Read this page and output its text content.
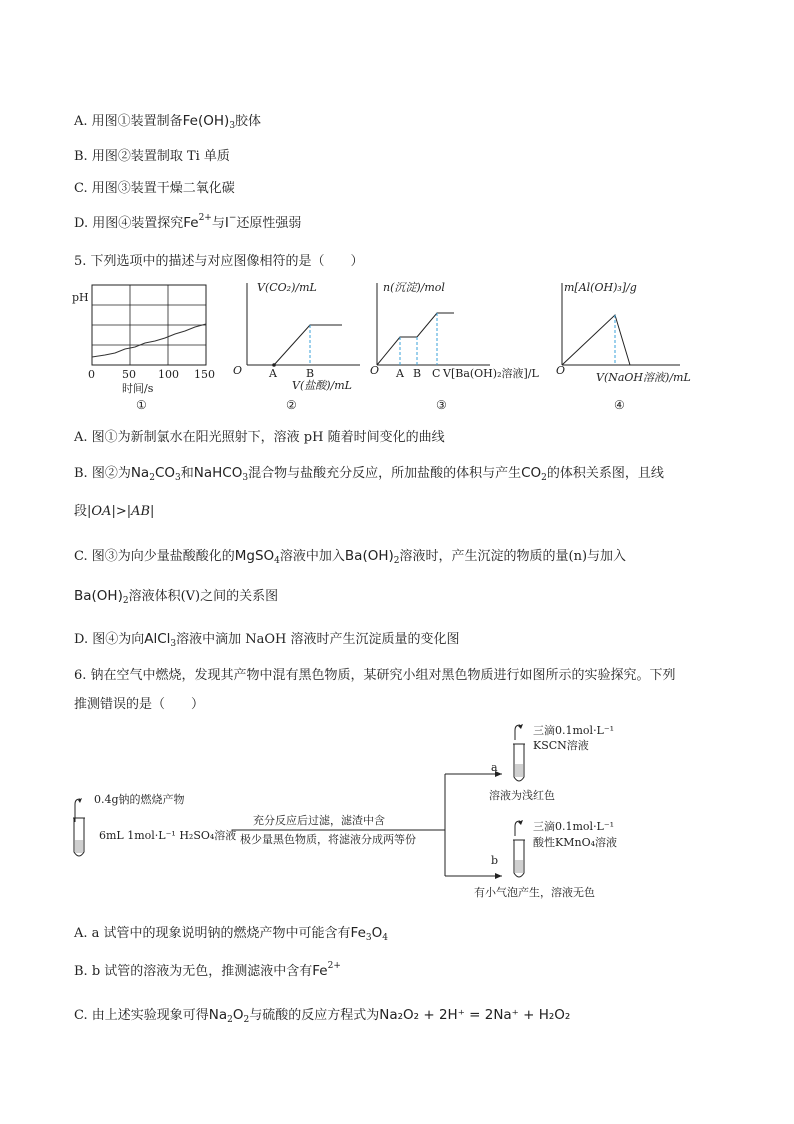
A. 用图①装置制备$Fe(OH)_3$胶体
B. 用图②装置制取 Ti 单质
C. 用图③装置干燥二氧化碳
D. 用图④装置探究$Fe^{2+}$与I−还原性强弱
5. 下列选项中的描述与对应图像相符的是（　　）
pH
0 50 100 150
时间/s
①
V(CO₂)/mL
O A	B
V(盐酸)/mL
②
n(沉淀)/mol
O A B C V[Ba(OH)₂溶液]/L
③
m[Al(OH)₃]/g
O
V(NaOH溶液)/mL
④
A. 图①为新制氯水在阳光照射下，溶液 pH 随着时间变化的曲线
B. 图②为$Na_2CO_3$和NaHCO$_3$混合物与盐酸充分反应，所加盐酸的体积与产生$CO_2$的体积关系图，且线
段|OA|>|AB|
C. 图③为向少量盐酸酸化的MgSO$_4$溶液中加入$Ba(OH)_2$溶液时，产生沉淀的物质的量(n)与加入
$Ba(OH)_2$溶液体积(V)之间的关系图
D. 图④为向AlCl$_3$溶液中滴加 NaOH 溶液时产生沉淀质量的变化图
6. 钠在空气中燃烧，发现其产物中混有黑色物质，某研究小组对黑色物质进行如图所示的实验探究。下列
推测错误的是（　　）
0.4g钠的燃烧产物
6mL 1mol·L⁻¹ H₂SO₄溶液
充分反应后过滤，滤渣中含
极少量黑色物质，将滤液分成两等份
三滴0.1mol·L⁻¹
KSCN溶液
a
溶液为浅红色
三滴0.1mol·L⁻¹
酸性KMnO₄溶液
b
有小气泡产生，溶液无色
A. a 试管中的现象说明钠的燃烧产物中可能含有$Fe_3O_4$
B. b 试管的溶液为无色，推测滤液中含有$Fe^{2+}$
C. 由上述实验现象可得$Na_2O_2$与硫酸的反应方程式为Na₂O₂ + 2H⁺ = 2Na⁺ + H₂O₂
